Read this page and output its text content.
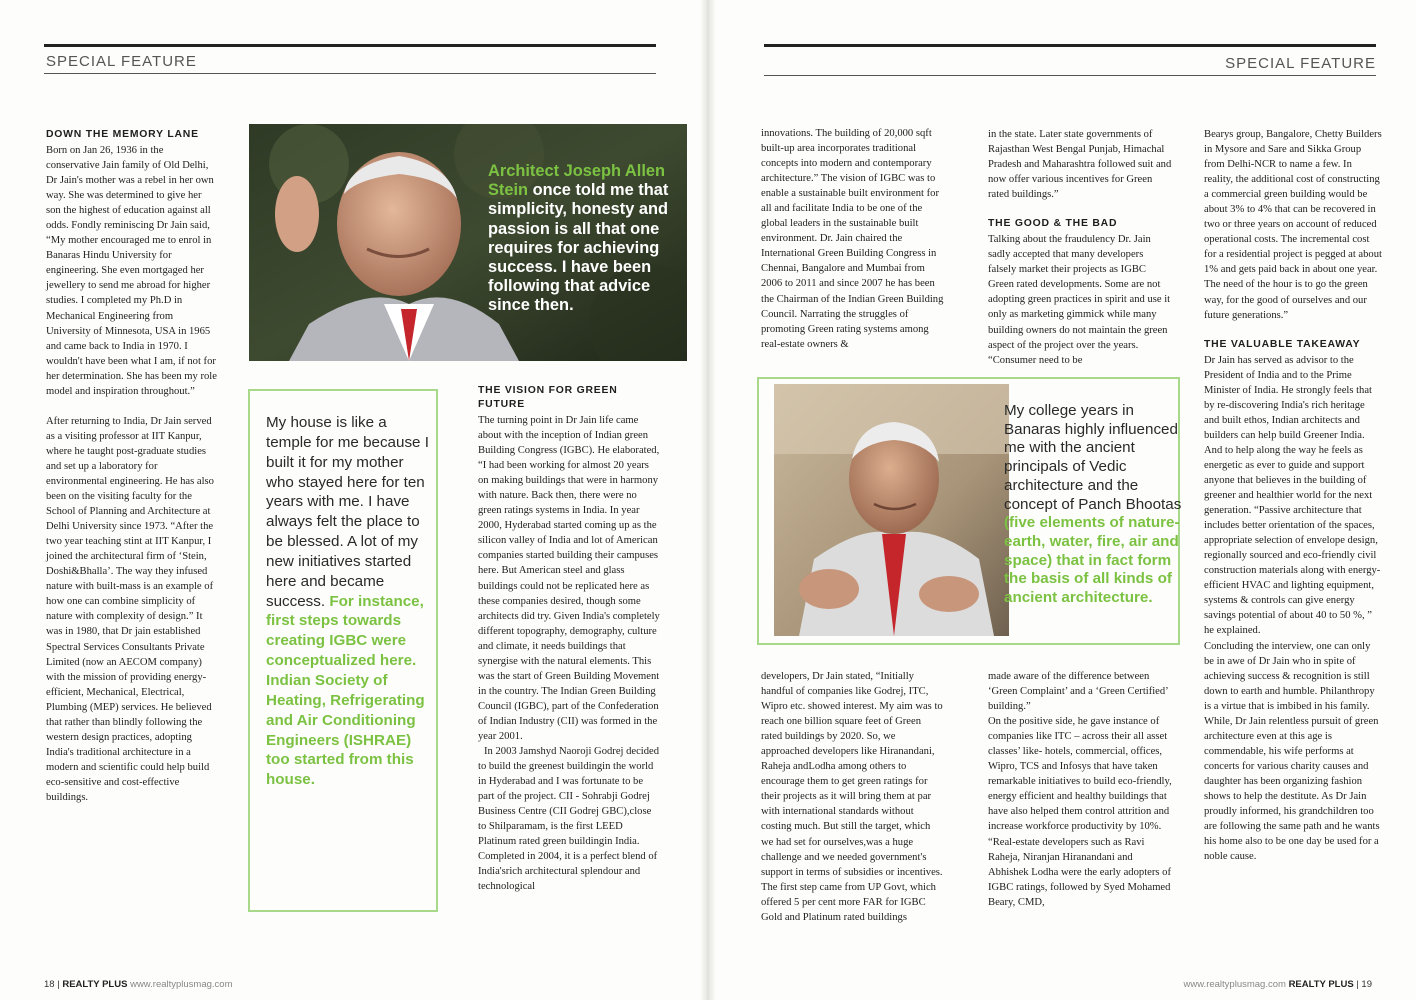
SPECIAL FEATURE
DOWN THE MEMORY LANE

Born on Jan 26, 1936 in the conservative Jain family of Old Delhi, Dr Jain's mother was a rebel in her own way. She was determined to give her son the highest of education against all odds. Fondly reminiscing Dr Jain said, “My mother encouraged me to enrol in Banaras Hindu University for engineering. She even mortgaged her jewellery to send me abroad for higher studies. I completed my Ph.D in Mechanical Engineering from University of Minnesota, USA in 1965 and came back to India in 1970. I wouldn't have been what I am, if not for her determination. She has been my role model and inspiration throughout.”

After returning to India, Dr Jain served as a visiting professor at IIT Kanpur, where he taught post-graduate studies and set up a laboratory for environmental engineering. He has also been on the visiting faculty for the School of Planning and Architecture at Delhi University since 1973. “After the two year teaching stint at IIT Kanpur, I joined the architectural firm of ‘Stein, Doshi&Bhalla’. The way they infused nature with built-mass is an example of how one can combine simplicity of nature with complexity of design.” It was in 1980, that Dr jain established Spectral Services Consultants Private Limited (now an AECOM company) with the mission of providing energy-efficient, Mechanical, Electrical, Plumbing (MEP) services. He believed that rather than blindly following the western design practices, adopting India's traditional architecture in a modern and scientific could help build eco-sensitive and cost-effective buildings.

Architect Joseph Allen Stein once told me that simplicity, honesty and passion is all that one requires for achieving success. I have been following that advice since then.
My house is like a temple for me because I built it for my mother who stayed here for ten years with me. I have always felt the place to be blessed. A lot of my new initiatives started here and became success. For instance, first steps towards creating IGBC were conceptualized here. Indian Society of Heating, Refrigerating and Air Conditioning Engineers (ISHRAE) too started from this house.
THE VISION FOR GREEN FUTURE

The turning point in Dr Jain life came about with the inception of Indian green Building Congress (IGBC). He elaborated, “I had been working for almost 20 years on making buildings that were in harmony with nature. Back then, there were no green ratings systems in India. In year 2000, Hyderabad started coming up as the silicon valley of India and lot of American companies started building their campuses here. But American steel and glass buildings could not be replicated here as these companies desired, though some architects did try. Given India's completely different topography, demography, culture and climate, it needs buildings that synergise with the natural elements. This was the start of Green Building Movement in the country. The Indian Green Building Council (IGBC), part of the Confederation of Indian Industry (CII) was formed in the year 2001.

In 2003 Jamshyd Naoroji Godrej decided to build the greenest buildingin the world in Hyderabad and I was fortunate to be part of the project. CII - Sohrabji Godrej Business Centre (CII Godrej GBC),close to Shilparamam, is the first LEED Platinum rated green buildingin India. Completed in 2004, it is a perfect blend of India'srich architectural splendour and technological

18 | REALTY PLUS www.realtyplusmag.com
SPECIAL FEATURE

innovations. The building of 20,000 sqft built-up area incorporates traditional concepts into modern and contemporary architecture.” The vision of IGBC was to enable a sustainable built environment for all and facilitate India to be one of the global leaders in the sustainable built environment. Dr. Jain chaired the International Green Building Congress in Chennai, Bangalore and Mumbai from 2006 to 2011 and since 2007 he has been the Chairman of the Indian Green Building Council. Narrating the struggles of promoting Green rating systems among real-estate owners &

in the state. Later state governments of Rajasthan West Bengal Punjab, Himachal Pradesh and Maharashtra followed suit and now offer various incentives for Green rated buildings.”

THE GOOD & THE BAD

Talking about the fraudulency Dr. Jain sadly accepted that many developers falsely market their projects as IGBC Green rated developments. Some are not adopting green practices in spirit and use it only as marketing gimmick while many building owners do not maintain the green aspect of the project over the years. “Consumer need to be

My college years in Banaras highly influenced me with the ancient principals of Vedic architecture and the concept of Panch Bhootas (five elements of nature- earth, water, fire, air and space) that in fact form the basis of all kinds of ancient architecture.

developers, Dr Jain stated, “Initially handful of companies like Godrej, ITC, Wipro etc. showed interest. My aim was to reach one billion square feet of Green rated buildings by 2020. So, we approached developers like Hiranandani, Raheja andLodha among others to encourage them to get green ratings for their projects as it will bring them at par with international standards without costing much. But still the target, which we had set for ourselves,was a huge challenge and we needed government's support in terms of subsidies or incentives. The first step came from UP Govt, which offered 5 per cent more FAR for IGBC Gold and Platinum rated buildings

made aware of the difference between ‘Green Complaint’ and a ‘Green Certified’ building.”

On the positive side, he gave instance of companies like ITC – across their all asset classes’ like- hotels, commercial, offices, Wipro, TCS and Infosys that have taken remarkable initiatives to build eco-friendly, energy efficient and healthy buildings that have also helped them control attrition and increase workforce productivity by 10%.

“Real-estate developers such as Ravi Raheja, Niranjan Hiranandani and Abhishek Lodha were the early adopters of IGBC ratings, followed by Syed Mohamed Beary, CMD,

Bearys group, Bangalore, Chetty Builders in Mysore and Sare and Sikka Group from Delhi-NCR to name a few. In reality, the additional cost of constructing a commercial green building would be about 3% to 4% that can be recovered in two or three years on account of reduced operational costs. The incremental cost for a residential project is pegged at about 1% and gets paid back in about one year. The need of the hour is to go the green way, for the good of ourselves and our future generations.”

THE VALUABLE TAKEAWAY

Dr Jain has served as advisor to the President of India and to the Prime Minister of India. He strongly feels that by re-discovering India's rich heritage and built ethos, Indian architects and builders can help build Greener India. And to help along the way he feels as energetic as ever to guide and support anyone that believes in the building of greener and healthier world for the next generation. “Passive architecture that includes better orientation of the spaces, appropriate selection of envelope design, regionally sourced and eco-friendly civil construction materials along with energy-efficient HVAC and lighting equipment, systems & controls can give energy savings potential of about 40 to 50 %, ” he explained.

Concluding the interview, one can only be in awe of Dr Jain who in spite of achieving success & recognition is still down to earth and humble. Philanthropy is a virtue that is imbibed in his family. While, Dr Jain relentless pursuit of green architecture even at this age is commendable, his wife performs at concerts for various charity causes and daughter has been organizing fashion shows to help the destitute. As Dr Jain proudly informed, his grandchildren too are following the same path and he wants his home also to be one day be used for a noble cause.

www.realtyplusmag.com REALTY PLUS | 19
